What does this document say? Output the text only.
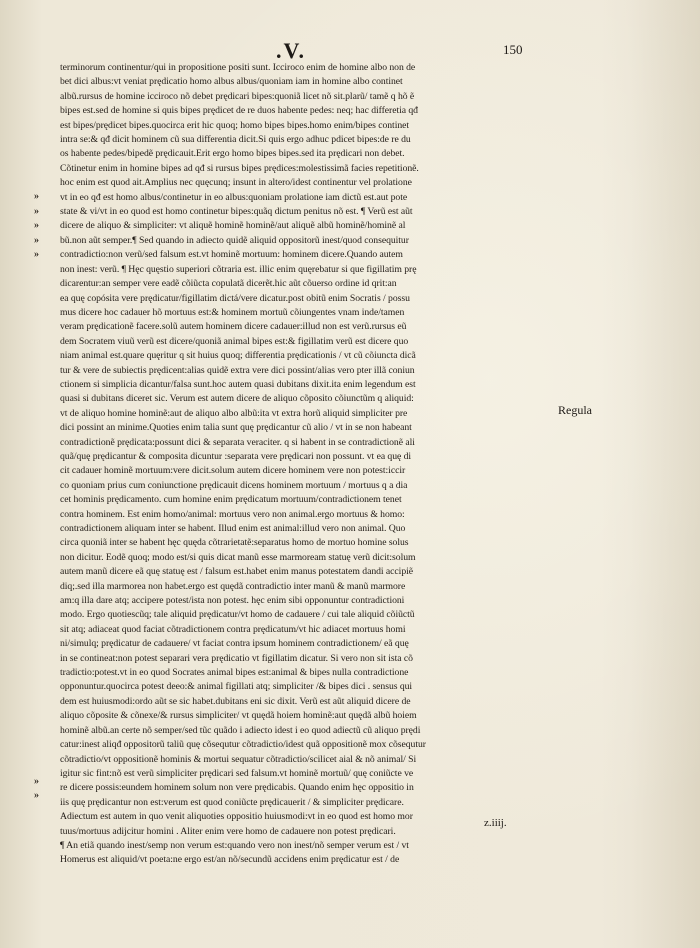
.V.	150
»
»
»
»
»
»
»
terminorum continentur/qui in propositione positi sunt. Icciroco enim de homine albo non de
bet dici albus:vt veniat prędicatio homo albus albus/quoniam iam in homine albo continet
albũ.rursus de homine icciroco nõ debet prędicari bipes:quoniã licet nõ sit.plarũ/ tamẽ q hõ ẽ
bipes est.sed de homine si quis bipes prędicet de re duos habente pedes: neq; hac differetia qđ
est bipes/prędicet bipes.quocirca erit hic quoq; homo bipes bipes.homo enim/bipes continet
intra se:& qđ dicit hominem cũ sua differentia dicit.Si quis ergo adhuc pdicet bipes:de re du
os habente pedes/bipedẽ prędicauit.Erit ergo homo bipes bipes.sed ita prędicari non debet.
Cõtinetur enim in homine bipes ad qđ si rursus bipes prędices:molestissimã facies repetitionẽ.
hoc enim est quod ait.Amplius nec quęcunq; insunt in altero/idest continentur vel prolatione
vt in eo qđ est homo albus/continetur in eo albus:quoniam prolatione iam dictũ est.aut pote
state & vi/vt in eo quod est homo continetur bipes:quãq dictum penitus nõ est. ¶ Verũ est aũt
dicere de aliquo & simpliciter: vt aliquẽ hominẽ hominẽ/aut aliquẽ albũ hominẽ/hominẽ al
bũ.non aũt semper.¶ Sed quando in adiecto quidẽ aliquid oppositorũ inest/quod consequitur
contradictio:non verũ/sed falsum est.vt hominẽ mortuum: hominem dicere.Quando autem
non inest: verũ. ¶ Hęc quęstio superiori cõtraria est. illic enim quęrebatur si que figillatim prę
dicarentur:an semper vere eadẽ cõiũcta copulatã dicerẽt.hic aũt cõuerso ordine id qrit:an
ea quę copósita vere prędicatur/figillatim dictá/vere dicatur.post obitũ enim Socratis / possu
mus dicere hoc cadauer hõ mortuus est:& hominem mortuũ cõiungentes vnam inde/tamen
veram prędicationẽ facere.solũ autem hominem dicere cadauer:illud non est verũ.rursus eũ
dem Socratem viuũ verũ est dicere/quoniã animal bipes est:& figillatim verũ est dicere quo
niam animal est.quare quęritur q sit huius quoq; differentia prędicationis / vt cũ cõiuncta dicã
tur & vere de subiectis prędicent:alias quidẽ extra vere dici possint/alias vero pter illã coniun
ctionem si simplicia dicantur/falsa sunt.hoc autem quasi dubitans dixit.ita enim legendum est
quasi si dubitans diceret sic. Verum est autem dicere de aliquo cõposito cõiunctũm q aliquid:
vt de aliquo homine hominẽ:aut de aliquo albo albũ:ita vt extra horũ aliquid simpliciter pre
dici possint an minime.Quoties enim talia sunt quę prędicantur cũ alio / vt in se non habeant
contradictionẽ prędicata:possunt dici & separata veraciter. q si habent in se contradictionẽ ali
quã/quę prędicantur & composita dicuntur :separata vere prędicari non possunt. vt ea quę di
cit cadauer hominẽ mortuum:vere dicit.solum autem dicere hominem vere non potest:iccir
co quoniam prius cum coniunctione prędicauit dicens hominem mortuum / mortuus q a dia
cet hominis prędicamento. cum homine enim prędicatum mortuum/contradictionem tenet
contra hominem. Est enim homo/animal: mortuus vero non animal.ergo mortuus & homo:
contradictionem aliquam inter se habent. Illud enim est animal:illud vero non animal. Quo
circa quoniã inter se habent hęc quęda cõtrarietatẽ:separatus homo de mortuo homine solus
non dicitur. Eodẽ quoq; modo est/si quis dicat manũ esse marmoream statuę verũ dicit:solum
autem manũ dicere eã quę statuę est / falsum est.habet enim manus potestatem dandi accipiẽ
diq;.sed illa marmorea non habet.ergo est quędã contradictio inter manũ & manũ marmore
am:q illa dare atq; accipere potest/ista non potest. hęc enim sibi opponuntur contradictioni
modo. Ergo quotiescũq; tale aliquid prędicatur/vt homo de cadauere / cui tale aliquid cõiũctũ
sit atq; adiaceat quod faciat cõtradictionem contra prędicatum/vt hic adiacet mortuus homi
ni/simulq; prędicatur de cadauere/ vt faciat contra ipsum hominem contradictionem/ eã quę
in se contineat:non potest separari vera prędicatio vt figillatim dicatur. Si vero non sit ista cõ
tradictio:potest.vt in eo quod Socrates animal bipes est:animal & bipes nulla contradictione
opponuntur.quocirca potest deeo:& animal figillati atq; simpliciter /& bipes dici . sensus qui
dem est huiusmodi:ordo aũt se sic habet.dubitans eni sic dixit. Verũ est aũt aliquid dicere de
aliquo cõposite & cõnexe/& rursus simpliciter/ vt quędã hoiem hominẽ:aut quędã albũ hoiem
hominẽ albũ.an certe nõ semper/sed tũc quãdo i adiecto idest i eo quod adiectũ cũ aliquo prędi
catur:inest aliqđ oppositorũ taliũ quę cõsequtur cõtradictio/idest quã oppositionẽ mox cõsequtur
cõtradictio/vt oppositionẽ hominis & mortui sequatur cõtradictio/scilicet aial & nõ animal/ Si
igitur sic fint:nõ est verũ simpliciter prędicari sed falsum.vt hominẽ mortuũ/ quę coniũcte ve
re dicere possis:eundem hominem solum non vere prędicabis. Quando enim hęc oppositio in
iis quę prędicantur non est:verum est quod coniũcte prędicauerit / & simpliciter prędicare.
Adiectum est autem in quo venit aliquoties oppositio huiusmodi:vt in eo quod est homo mor
tuus/mortuus adijcitur homini . Aliter enim vere homo de cadauere non potest prędicari.
¶ An etiã quando inest/semp non verum est:quando vero non inest/nõ semper verum est / vt
Homerus est aliquid/vt poeta:ne ergo est/an nõ/secundũ accidens enim prędicatur est / de
Regula
z.iiij.
